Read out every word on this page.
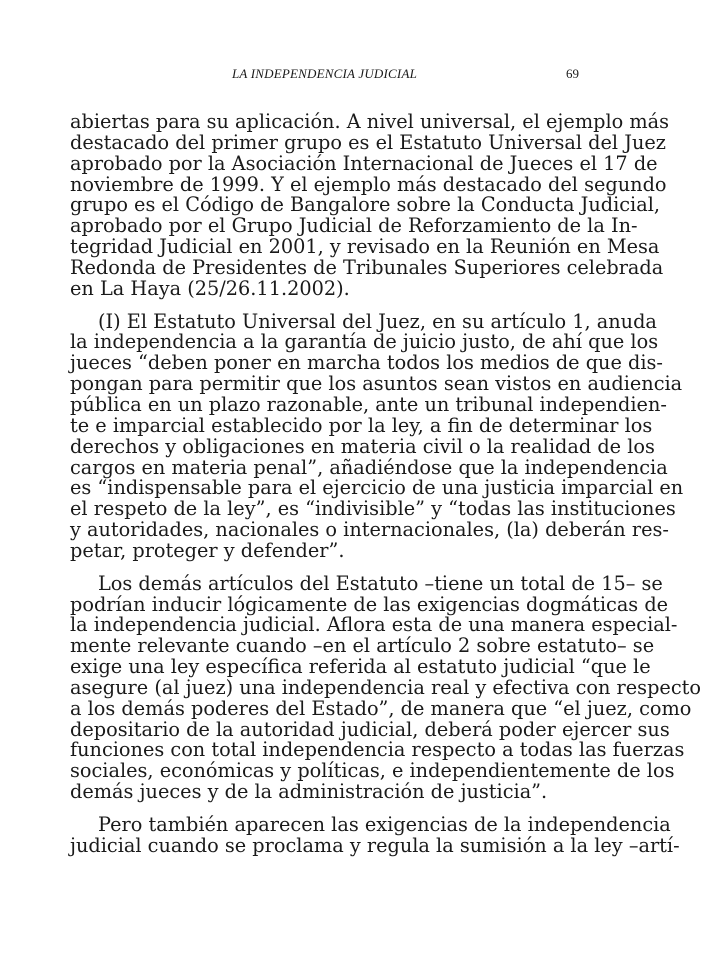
LA INDEPENDENCIA JUDICIAL	69
abiertas para su aplicación. A nivel universal, el ejemplo más
destacado del primer grupo es el Estatuto Universal del Juez
aprobado por la Asociación Internacional de Jueces el 17 de
noviembre de 1999. Y el ejemplo más destacado del segundo
grupo es el Código de Bangalore sobre la Conducta Judicial,
aprobado por el Grupo Judicial de Reforzamiento de la In-
tegridad Judicial en 2001, y revisado en la Reunión en Mesa
Redonda de Presidentes de Tribunales Superiores celebrada
en La Haya (25/26.11.2002).
(I) El Estatuto Universal del Juez, en su artículo 1, anuda
la independencia a la garantía de juicio justo, de ahí que los
jueces “deben poner en marcha todos los medios de que dis-
pongan para permitir que los asuntos sean vistos en audiencia
pública en un plazo razonable, ante un tribunal independien-
te e imparcial establecido por la ley, a fin de determinar los
derechos y obligaciones en materia civil o la realidad de los
cargos en materia penal”, añadiéndose que la independencia
es “indispensable para el ejercicio de una justicia imparcial en
el respeto de la ley”, es “indivisible” y “todas las instituciones
y autoridades, nacionales o internacionales, (la) deberán res-
petar, proteger y defender”.
Los demás artículos del Estatuto –tiene un total de 15– se
podrían inducir lógicamente de las exigencias dogmáticas de
la independencia judicial. Aflora esta de una manera especial-
mente relevante cuando –en el artículo 2 sobre estatuto– se
exige una ley específica referida al estatuto judicial “que le
asegure (al juez) una independencia real y efectiva con respecto
a los demás poderes del Estado”, de manera que “el juez, como
depositario de la autoridad judicial, deberá poder ejercer sus
funciones con total independencia respecto a todas las fuerzas
sociales, económicas y políticas, e independientemente de los
demás jueces y de la administración de justicia”.
Pero también aparecen las exigencias de la independencia
judicial cuando se proclama y regula la sumisión a la ley –artí-
